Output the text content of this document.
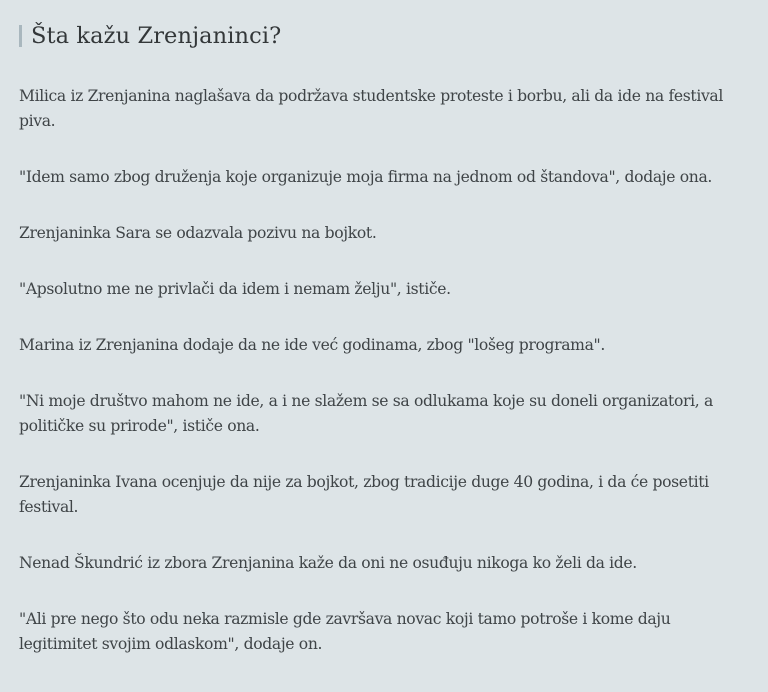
Šta kažu Zrenjaninci?

Milica iz Zrenjanina naglašava da podržava studentske proteste i borbu, ali da ide na festival piva.

"Idem samo zbog druženja koje organizuje moja firma na jednom od štandova", dodaje ona.

Zrenjaninka Sara se odazvala pozivu na bojkot.

"Apsolutno me ne privlači da idem i nemam želju", ističe.

Marina iz Zrenjanina dodaje da ne ide već godinama, zbog "lošeg programa".

"Ni moje društvo mahom ne ide, a i ne slažem se sa odlukama koje su doneli organizatori, a političke su prirode", ističe ona.

Zrenjaninka Ivana ocenjuje da nije za bojkot, zbog tradicije duge 40 godina, i da će posetiti festival.

Nenad Škundrić iz zbora Zrenjanina kaže da oni ne osuđuju nikoga ko želi da ide.

"Ali pre nego što odu neka razmisle gde završava novac koji tamo potroše i kome daju legitimitet svojim odlaskom", dodaje on.
